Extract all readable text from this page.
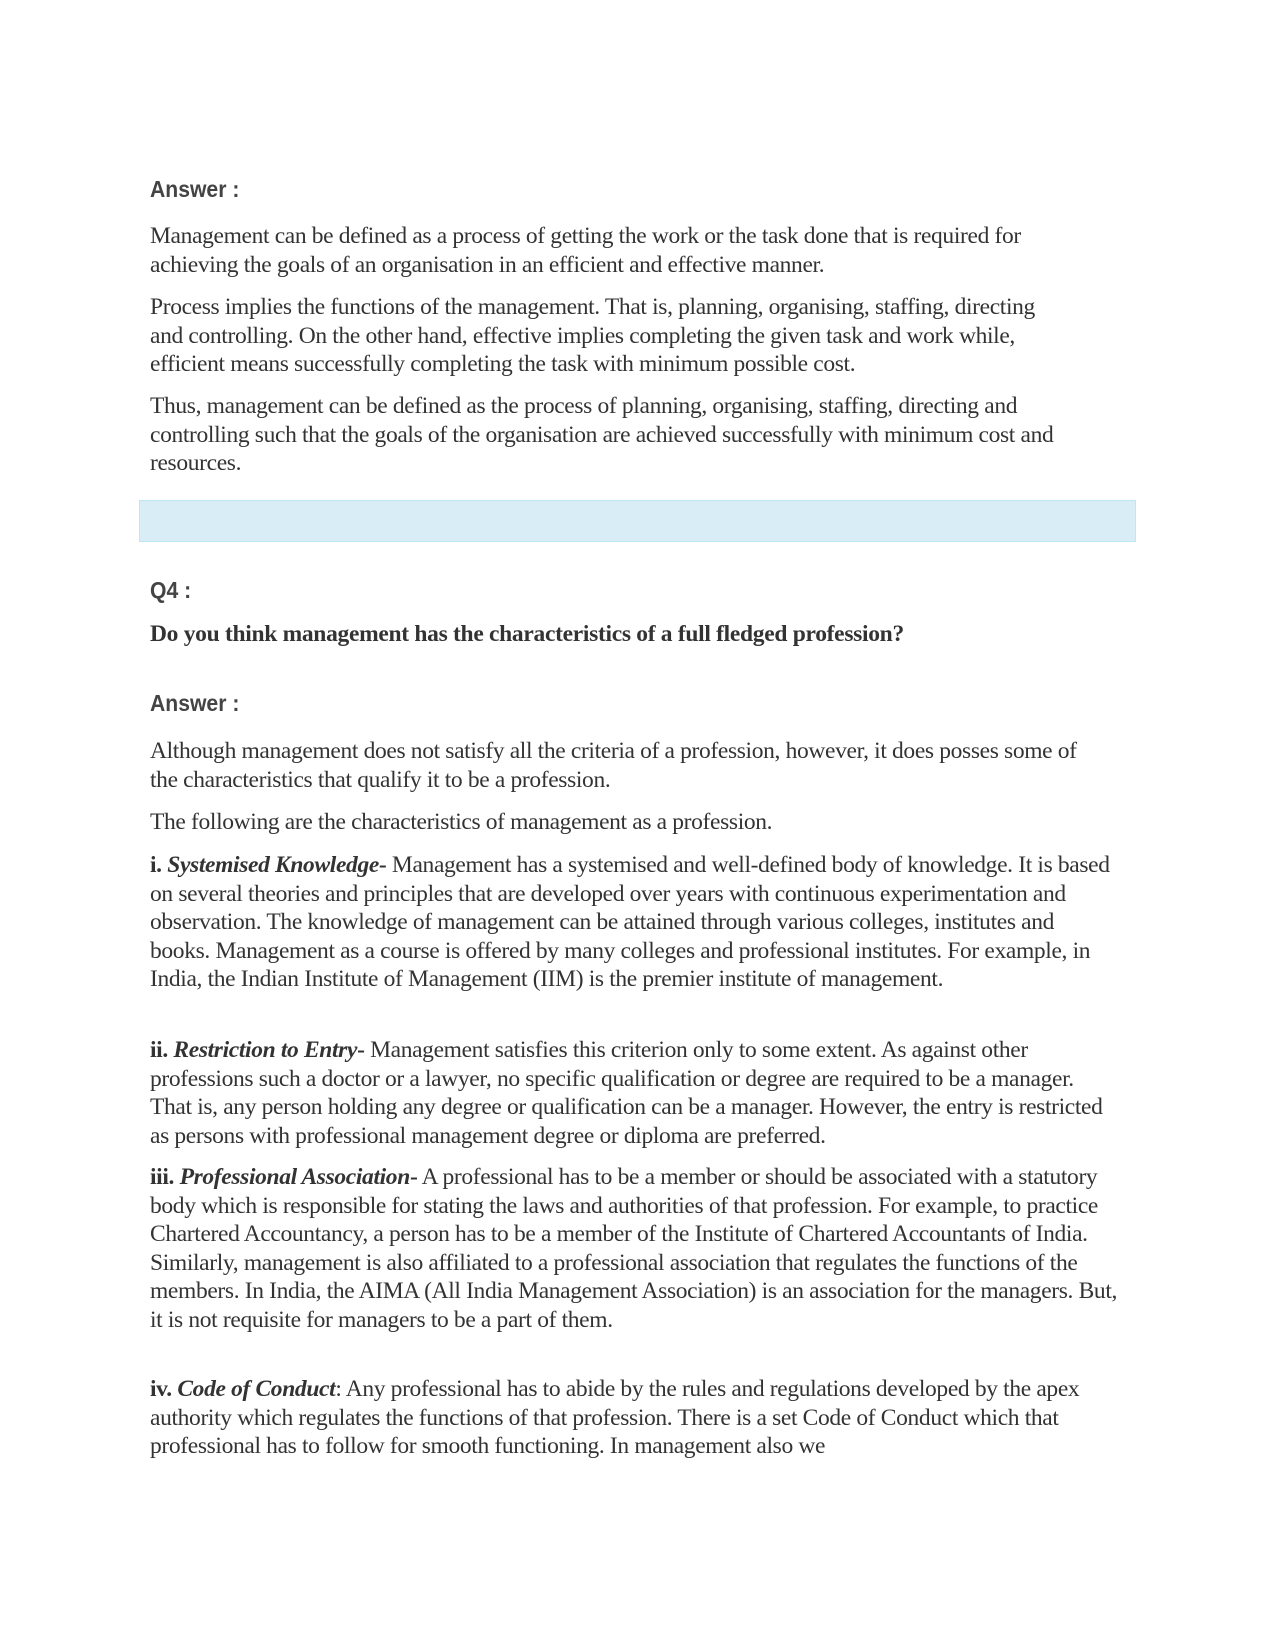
Answer :
Management can be defined as a process of getting the work or the task done that is required for achieving the goals of an organisation in an efficient and effective manner.
Process implies the functions of the management. That is, planning, organising, staffing, directing and controlling. On the other hand, effective implies completing the given task and work while, efficient means successfully completing the task with minimum possible cost.
Thus, management can be defined as the process of planning, organising, staffing, directing and controlling such that the goals of the organisation are achieved successfully with minimum cost and resources.
Q4 :
Do you think management has the characteristics of a full fledged profession?
Answer :
Although management does not satisfy all the criteria of a profession, however, it does posses some of the characteristics that qualify it to be a profession.
The following are the characteristics of management as a profession.
i. Systemised Knowledge- Management has a systemised and well-defined body of knowledge. It is based on several theories and principles that are developed over years with continuous experimentation and observation. The knowledge of management can be attained through various colleges, institutes and books. Management as a course is offered by many colleges and professional institutes. For example, in India, the Indian Institute of Management (IIM) is the premier institute of management.
ii. Restriction to Entry- Management satisfies this criterion only to some extent. As against other professions such a doctor or a lawyer, no specific qualification or degree are required to be a manager. That is, any person holding any degree or qualification can be a manager. However, the entry is restricted as persons with professional management degree or diploma are preferred.
iii. Professional Association- A professional has to be a member or should be associated with a statutory body which is responsible for stating the laws and authorities of that profession. For example, to practice Chartered Accountancy, a person has to be a member of the Institute of Chartered Accountants of India. Similarly, management is also affiliated to a professional association that regulates the functions of the members. In India, the AIMA (All India Management Association) is an association for the managers. But, it is not requisite for managers to be a part of them.
iv. Code of Conduct: Any professional has to abide by the rules and regulations developed by the apex authority which regulates the functions of that profession. There is a set Code of Conduct which that professional has to follow for smooth functioning. In management also we
